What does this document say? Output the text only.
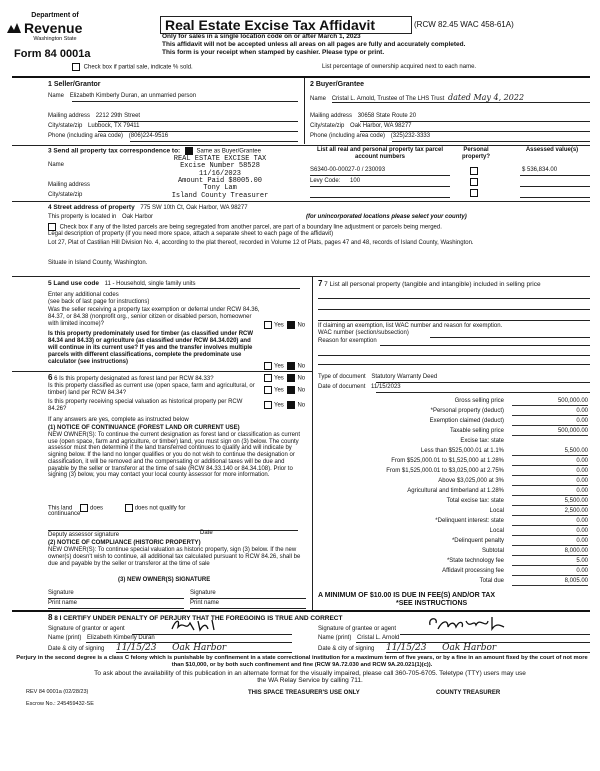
Department of
Revenue
Washington State
Form 84 0001a
Real Estate Excise Tax Affidavit	(RCW 82.45 WAC 458-61A)
Only for sales in a single location code on or after March 1, 2023
This affidavit will not be accepted unless all areas on all pages are fully and accurately completed.
This form is your receipt when stamped by cashier. Please type or print.
Check box if partial sale, indicate % sold.	List percentage of ownership acquired next to each name.
1 Seller/Grantor
Name Elizabeth Kimberly Duran, an unmarried person
Mailing address 2212 29th Street
City/state/zip Lubbock, TX 79411
Phone (including area code) (806)224-9516
2 Buyer/Grantee
Name Cristal L. Arnold, Trustee of The LHS Trust dated May 4, 2022
Mailing address 30658 State Route 20
City/state/zip Oak Harbor, WA 98277
Phone (including area code) (325)232-3333
3 Send all property tax correspondence to:	Same as Buyer/Grantee
Name
REAL ESTATE EXCISE TAX
Excise Number 58528
11/16/2023
Amount Paid $8005.00
Tony Lam
Island County Treasurer
Mailing address
City/state/zip
List all real and personal property tax parcel account numbers
Personal property?
Assessed value(s)
S6340-00-00027-0 / 230093	$ 536,834.00
Levy Code: 100
4 Street address of property 775 SW 10th Ct, Oak Harbor, WA 98277
This property is located in Oak Harbor	(for unincorporated locations please select your county)
Check box if any of the listed parcels are being segregated from another parcel, are part of a boundary line adjustment or parcels being merged.
Legal description of property (if you need more space, attach a separate sheet to each page of the affidavit)
Lot 27, Plat of Castilian Hill Division No. 4, according to the plat thereof, recorded in Volume 12 of Plats, pages 47 and 48, records of Island County, Washington.
Situate in Island County, Washington.
5 Land use code 11 - Household, single family units
Enter any additional codes
(see back of last page for instructions)
Was the seller receiving a property tax exemption or deferral under RCW 84.36, 84.37, or 84.38 (nonprofit org., senior citizen or disabled person, homeowner with limited income)?	Yes No
Is this property predominately used for timber (as classified under RCW 84.34 and 84.33) or agriculture (as classified under RCW 84.34.020) and will continue in its current use? If yes and the transfer involves multiple parcels with different classifications, complete the predominate use calculator (see instructions)
Yes No
6 6 Is this property designated as forest land per RCW 84.33?	Yes No
Is this property classified as current use (open space, farm and agricultural, or timber) land per RCW 84.34?	Yes No
Is this property receiving special valuation as historical property per RCW 84.26?
Yes No
If any answers are yes, complete as instructed below
(1) NOTICE OF CONTINUANCE (FOREST LAND OR CURRENT USE)
NEW OWNER(S): To continue the current designation as forest land or classification as current use (open space, farm and agriculture, or timber) land, you must sign on (3) below. The county assessor must then determine if the land transferred continues to qualify and will indicate by signing below. If the land no longer qualifies or you do not wish to continue the designation or classification, it will be removed and the compensating or additional taxes will be due and payable by the seller or transferor at the time of sale (RCW 84.33.140 or 84.34.108). Prior to signing (3) below, you may contact your local county assessor for more information.
This land	does	does not qualify for
continuance
Deputy assessor signature	Date
(2) NOTICE OF COMPLIANCE (HISTORIC PROPERTY)
NEW OWNER(S): To continue special valuation as historic property, sign (3) below. If the new owner(s) doesn't wish to continue, all additional tax calculated pursuant to RCW 84.26, shall be due and payable by the seller or transferor at the time of sale
(3) NEW OWNER(S) SIGNATURE
Signature	Signature
Print name	Print name
7 7 List all personal property (tangible and intangible) included in selling price
If claiming an exemption, list WAC number and reason for exemption.
WAC number (section/subsection)
Reason for exemption
Type of document Statutory Warranty Deed
Date of document 11/15/2023
Gross selling price	500,000.00
*Personal property (deduct)	0.00
Exemption claimed (deduct)	0.00
Taxable selling price	500,000.00
Excise tax: state
Less than $525,000.01 at 1.1%	5,500.00
From $525,000.01 to $1,525,000 at 1.28%	0.00
From $1,525,000.01 to $3,025,000 at 2.75%	0.00
Above $3,025,000 at 3%	0.00
Agricultural and timberland at 1.28%	0.00
Total excise tax: state	5,500.00
Local	2,500.00
*Delinquent interest: state	0.00
Local	0.00
*Delinquent penalty	0.00
Subtotal	8,000.00
*State technology fee	5.00
Affidavit processing fee	0.00
Total due	8,005.00
A MINIMUM OF $10.00 IS DUE IN FEE(S) AND/OR TAX
*SEE INSTRUCTIONS
8 8 I CERTIFY UNDER PENALTY OF PERJURY THAT THE FOREGOING IS TRUE AND CORRECT
Signature of grantor or agent
Name (print) Elizabeth Kimberly Duran
Date & city of signing 11/15/23 Oak Harbor
Signature of grantee or agent
Name (print) Cristal L. Arnold
Date & city of signing 11/15/23 Oak Harbor
Perjury in the second degree is a class C felony which is punishable by confinement in a state correctional institution for a maximum term of five years, or by a fine in an amount fixed by the court of not more than $10,000, or by both such confinement and fine (RCW 9A.72.030 and RCW 9A.20.021(1)(c)).
To ask about the availability of this publication in an alternate format for the visually impaired, please call 360-705-6705. Teletype (TTY) users may use the WA Relay Service by calling 711.
REV 84 0001a (02/28/23)	THIS SPACE TREASURER'S USE ONLY	COUNTY TREASURER
Escrow No.: 245459432-SE
